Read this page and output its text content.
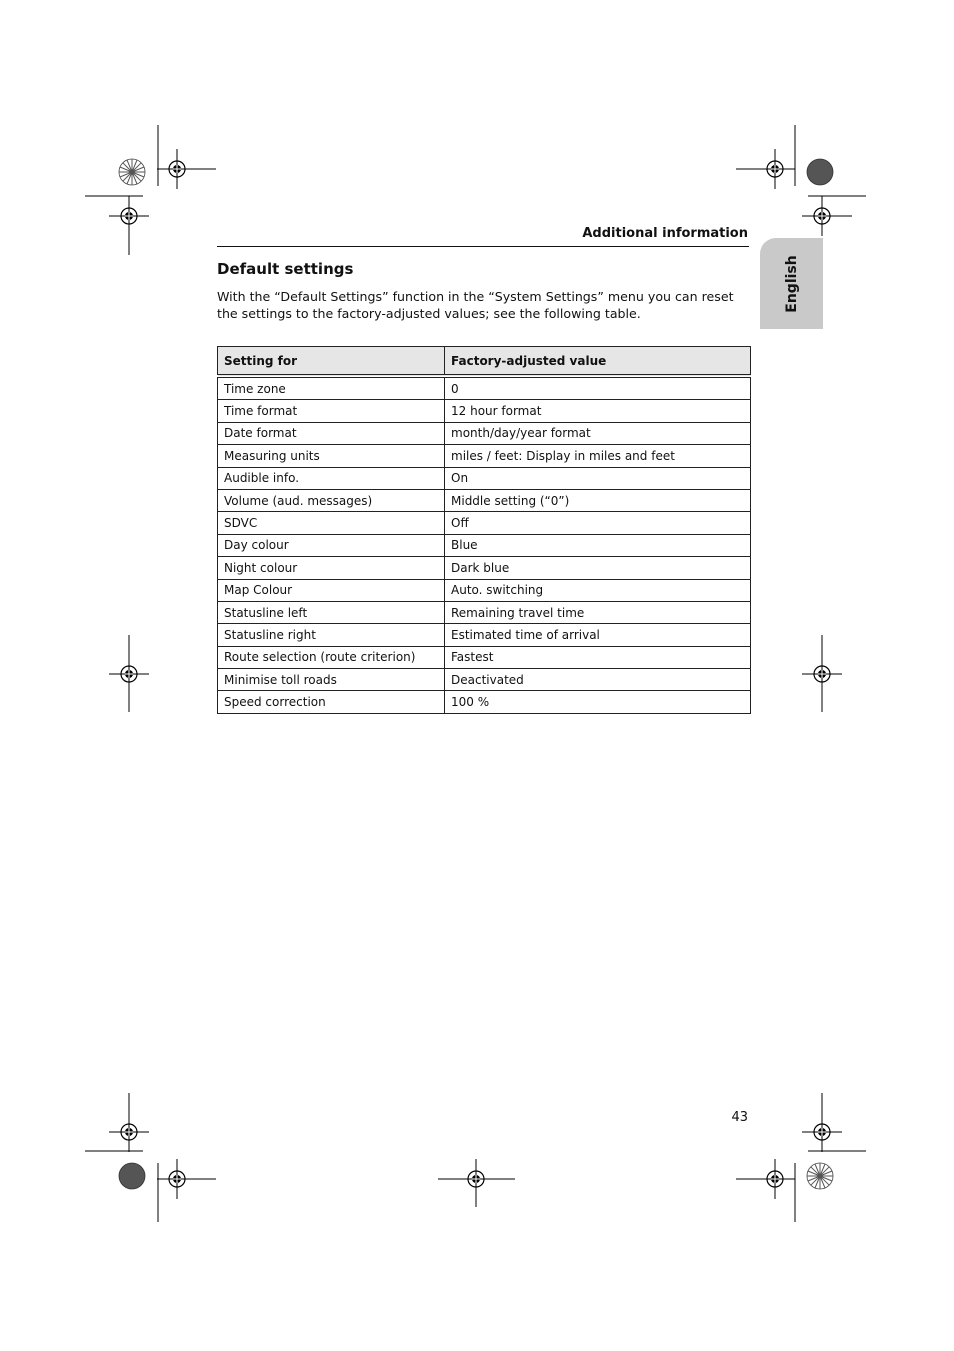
Additional information
English
Default settings
With the “Default Settings” function in the “System Settings” menu you can reset the settings to the factory-adjusted values; see the following table.
Setting for	Factory-adjusted value
Time zone	0
Time format	12 hour format
Date format	month/day/year format
Measuring units	miles / feet: Display in miles and feet
Audible info.	On
Volume (aud. messages)	Middle setting (“0”)
SDVC	Off
Day colour	Blue
Night colour	Dark blue
Map Colour	Auto. switching
Statusline left	Remaining travel time
Statusline right	Estimated time of arrival
Route selection (route criterion)	Fastest
Minimise toll roads	Deactivated
Speed correction	100 %
43
